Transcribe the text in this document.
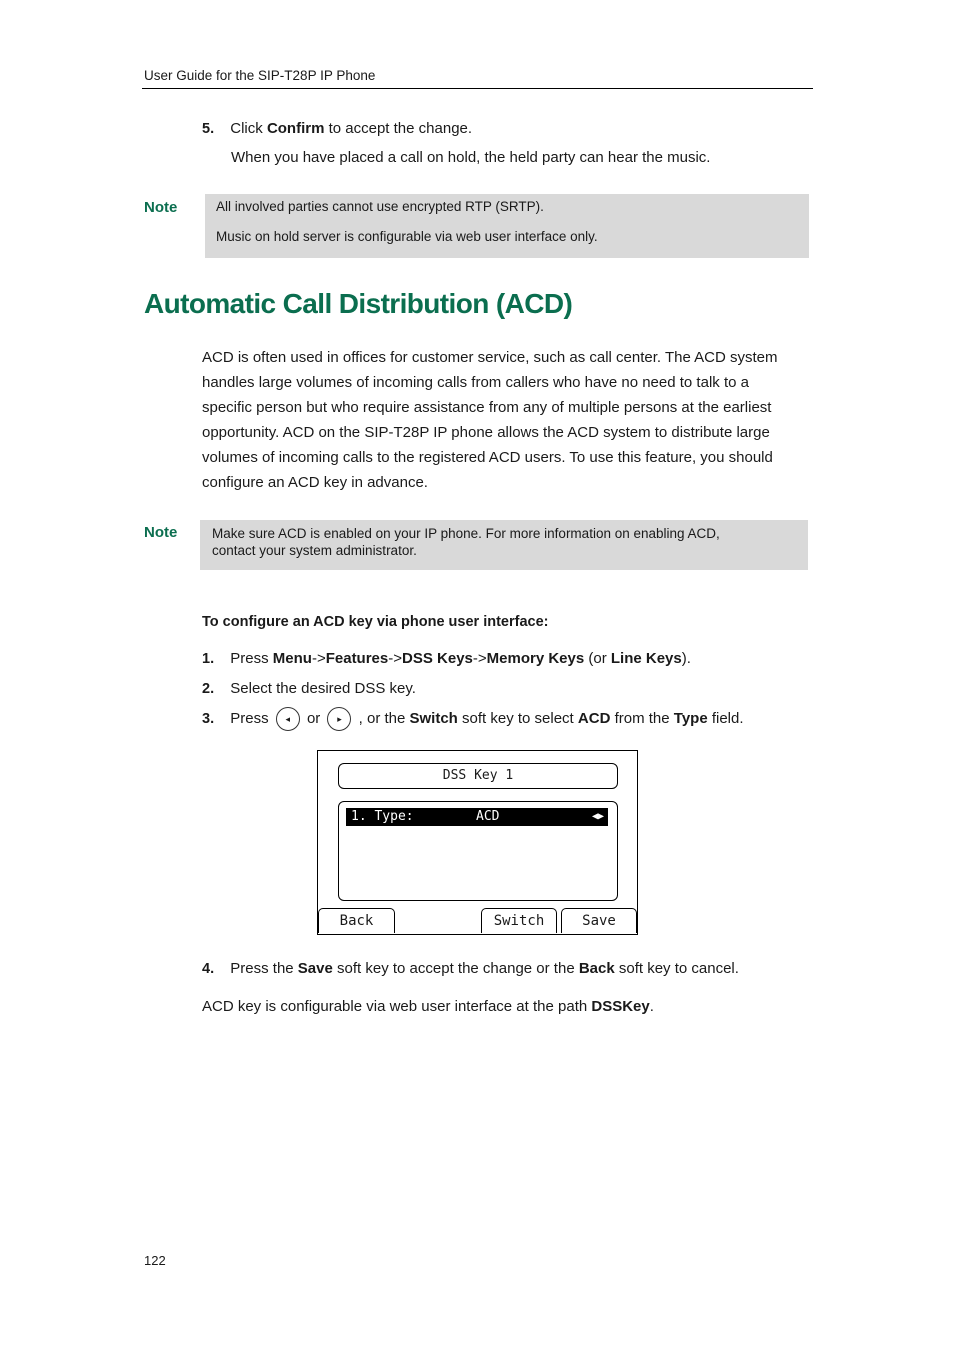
User Guide for the SIP-T28P IP Phone
5. Click Confirm to accept the change.
When you have placed a call on hold, the held party can hear the music.
Note	All involved parties cannot use encrypted RTP (SRTP).
Music on hold server is configurable via web user interface only.
Automatic Call Distribution (ACD)
ACD is often used in offices for customer service, such as call center. The ACD system
handles large volumes of incoming calls from callers who have no need to talk to a
specific person but who require assistance from any of multiple persons at the earliest
opportunity. ACD on the SIP-T28P IP phone allows the ACD system to distribute large
volumes of incoming calls to the registered ACD users. To use this feature, you should
configure an ACD key in advance.
Note	Make sure ACD is enabled on your IP phone. For more information on enabling ACD,
contact your system administrator.
To configure an ACD key via phone user interface:
1. Press Menu->Features->DSS Keys->Memory Keys (or Line Keys).
2. Select the desired DSS key.
3. Press ◂ or ▸ , or the Switch soft key to select ACD from the Type field.
DSS Key 1
1. Type:	ACD	◀▶
Back	Switch	Save
4. Press the Save soft key to accept the change or the Back soft key to cancel.
ACD key is configurable via web user interface at the path DSSKey.
122
